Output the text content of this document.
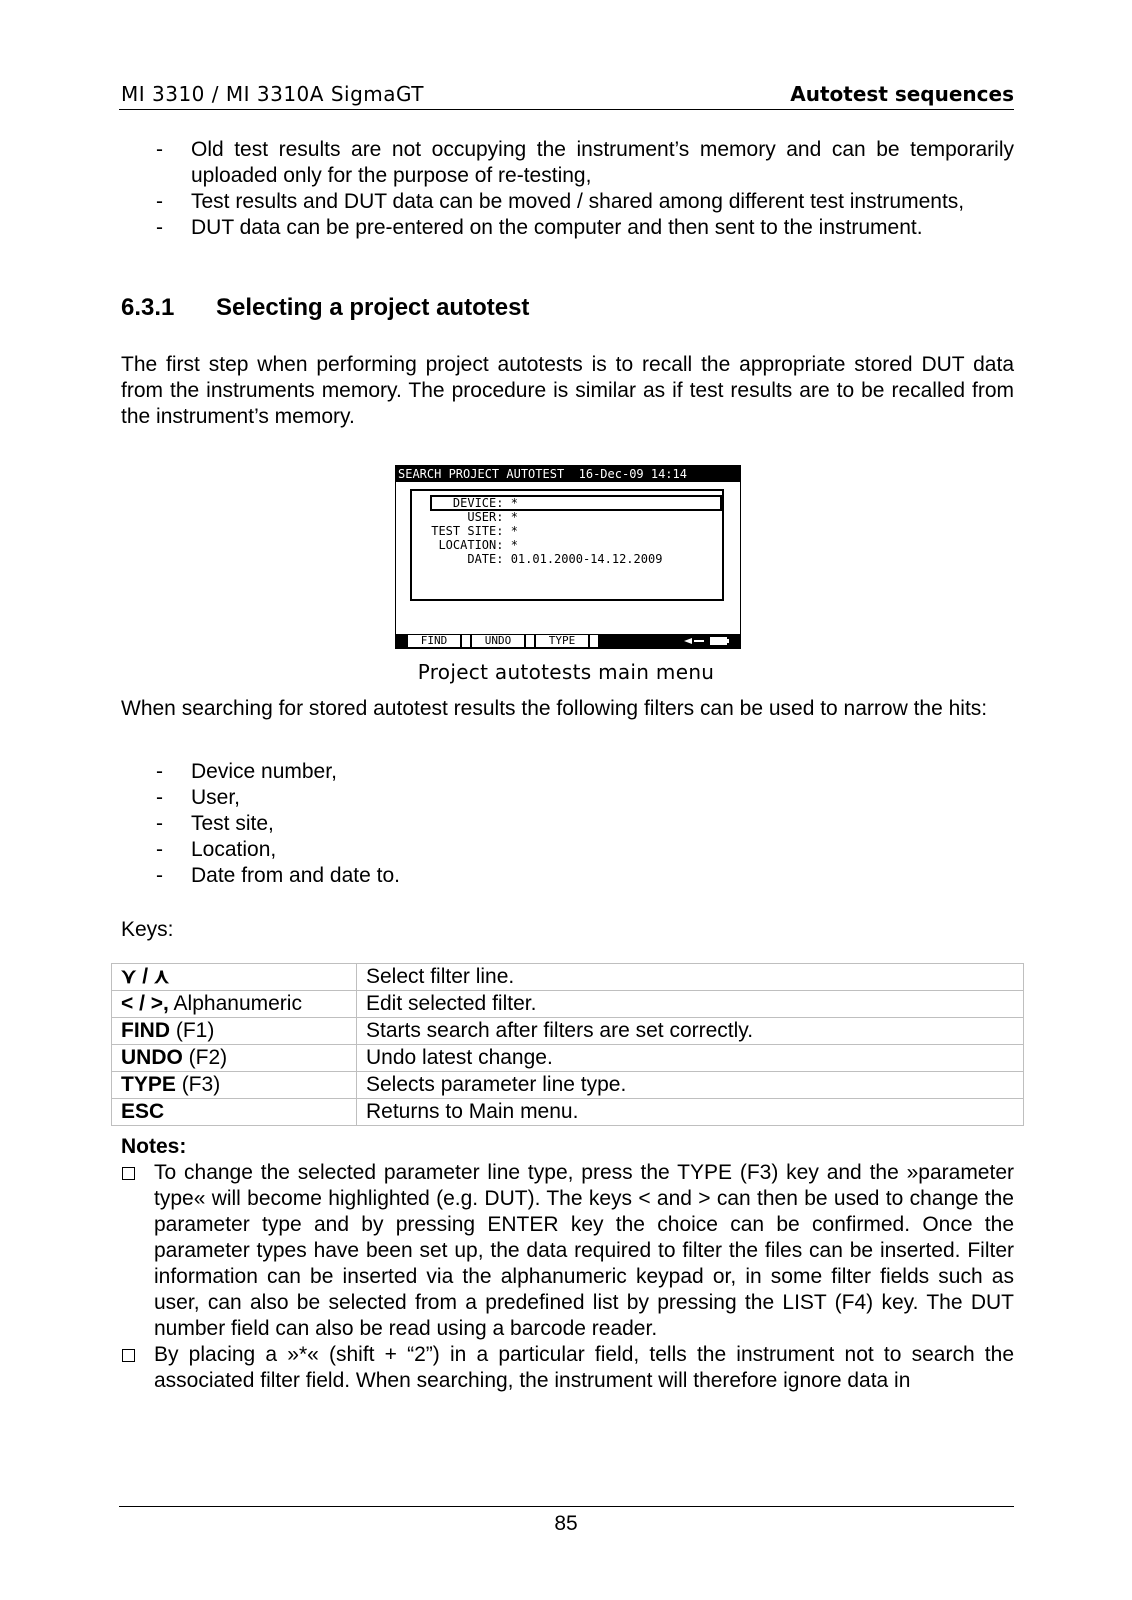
MI 3310 / MI 3310A SigmaGT	Autotest sequences
- Old test results are not occupying the instrument’s memory and can be temporarily uploaded only for the purpose of re-testing,
- Test results and DUT data can be moved / shared among different test instruments,
- DUT data can be pre-entered on the computer and then sent to the instrument.
6.3.1 Selecting a project autotest
The first step when performing project autotests is to recall the appropriate stored DUT data from the instruments memory. The procedure is similar as if test results are to be recalled from the instrument’s memory.
SEARCH PROJECT AUTOTEST  16-Dec-09 14:14
DEVICE: *
USER: *
TEST SITE: *
LOCATION: *
DATE: 01.01.2000-14.12.2009
FIND	UNDO	TYPE
Project autotests main menu
When searching for stored autotest results the following filters can be used to narrow the hits:
- Device number,
- User,
- Test site,
- Location,
- Date from and date to.
Keys:
⋎ / ⋏	Select filter line.
< / >, Alphanumeric	Edit selected filter.
FIND (F1)	Starts search after filters are set correctly.
UNDO (F2)	Undo latest change.
TYPE (F3)	Selects parameter line type.
ESC	Returns to Main menu.
Notes:
To change the selected parameter line type, press the TYPE (F3) key and the »parameter type« will become highlighted (e.g. DUT). The keys < and > can then be used to change the parameter type and by pressing ENTER key the choice can be confirmed. Once the parameter types have been set up, the data required to filter the files can be inserted. Filter information can be inserted via the alphanumeric keypad or, in some filter fields such as user, can also be selected from a predefined list by pressing the LIST (F4) key. The DUT number field can also be read using a barcode reader.
By placing a »*« (shift + “2”) in a particular field, tells the instrument not to search the associated filter field. When searching, the instrument will therefore ignore data in
85
